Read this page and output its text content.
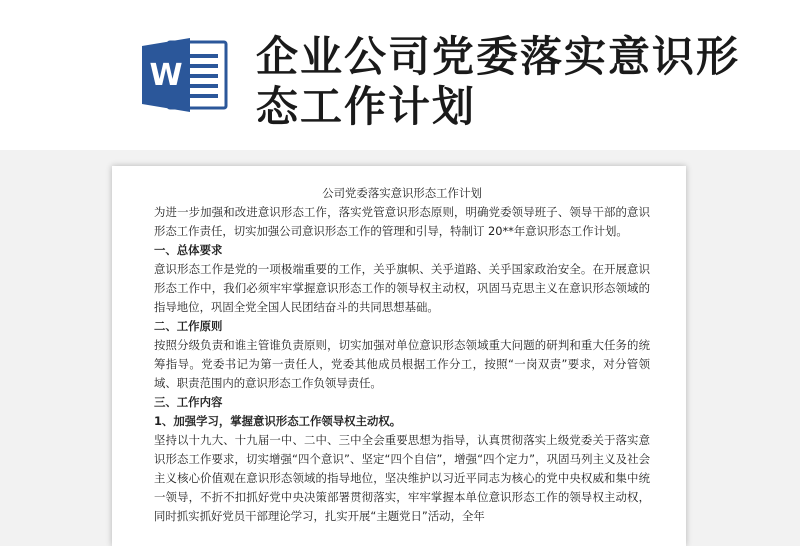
W 企业公司党委落实意识形态工作计划

公司党委落实意识形态工作计划

为进一步加强和改进意识形态工作，落实党管意识形态原则，明确党委领导班子、领导干部的意识形态工作责任，切实加强公司意识形态工作的管理和引导，特制订 20**年意识形态工作计划。

一、总体要求

意识形态工作是党的一项极端重要的工作，关乎旗帜、关乎道路、关乎国家政治安全。在开展意识形态工作中，我们必须牢牢掌握意识形态工作的领导权主动权，巩固马克思主义在意识形态领域的指导地位，巩固全党全国人民团结奋斗的共同思想基础。

二、工作原则

按照分级负责和谁主管谁负责原则，切实加强对单位意识形态领域重大问题的研判和重大任务的统筹指导。党委书记为第一责任人，党委其他成员根据工作分工，按照“一岗双责”要求，对分管领域、职责范围内的意识形态工作负领导责任。

三、工作内容

1、加强学习，掌握意识形态工作领导权主动权。

坚持以十九大、十九届一中、二中、三中全会重要思想为指导，认真贯彻落实上级党委关于落实意识形态工作要求，切实增强“四个意识”、坚定“四个自信”，增强“四个定力”，巩固马列主义及社会主义核心价值观在意识形态领域的指导地位，坚决维护以习近平同志为核心的党中央权威和集中统一领导，不折不扣抓好党中央决策部署贯彻落实，牢牢掌握本单位意识形态工作的领导权主动权，同时抓实抓好党员干部理论学习，扎实开展“主题党日”活动，全年
